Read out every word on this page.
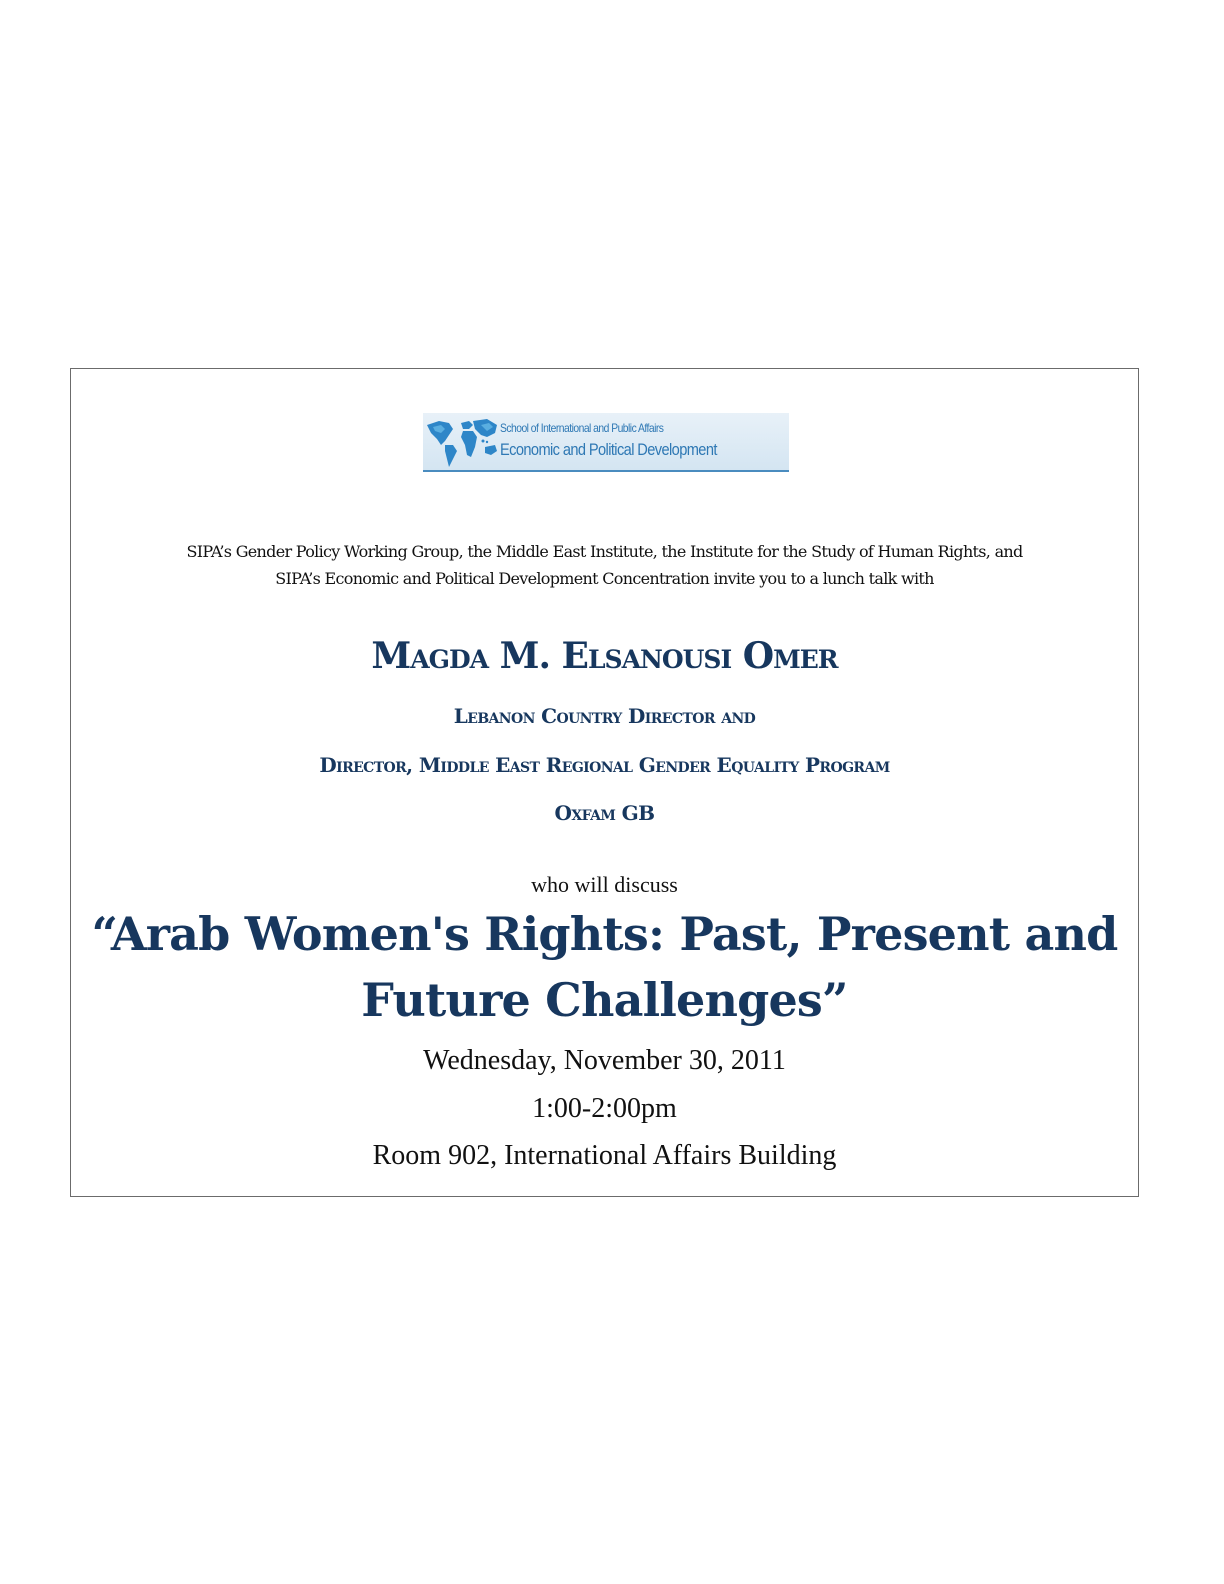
School of International and Public Affairs
Economic and Political Development
SIPA’s Gender Policy Working Group, the Middle East Institute, the Institute for the Study of Human Rights, and
SIPA’s Economic and Political Development Concentration invite you to a lunch talk with
Magda M. Elsanousi Omer
Lebanon Country Director and
Director, Middle East Regional Gender Equality Program
Oxfam GB
who will discuss
“Arab Women's Rights: Past, Present and
Future Challenges”
Wednesday, November 30, 2011
1:00-2:00pm
Room 902, International Affairs Building
